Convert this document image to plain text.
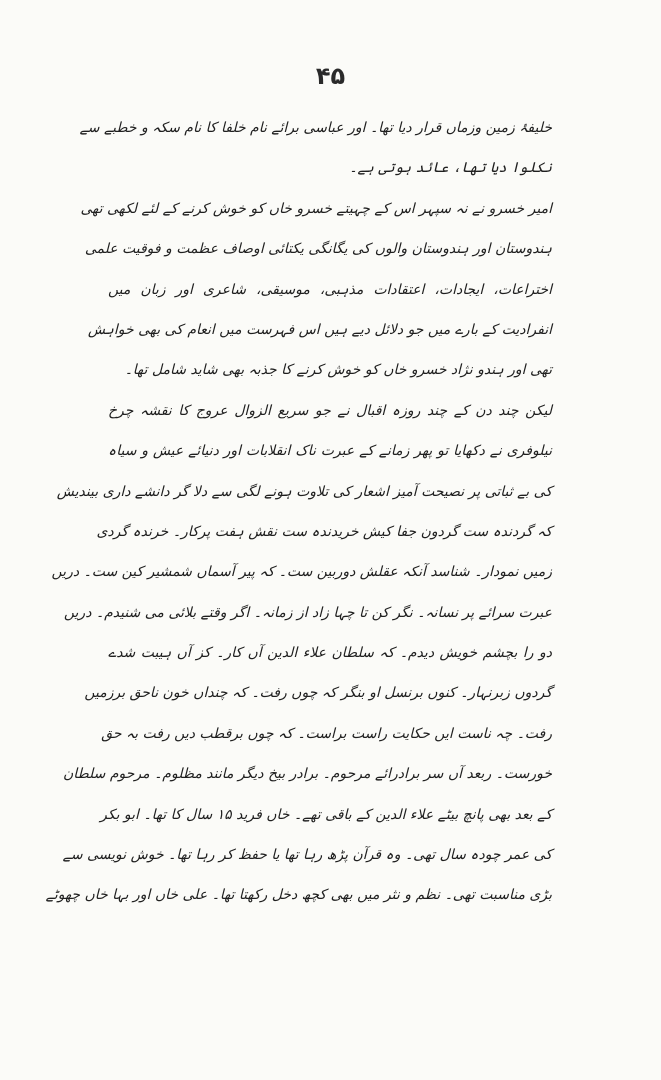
۴۵
خلیفۂ زمین وزماں قرار دیا تھا۔ اور عباسی برائے نام خلفا کا نام سکہ و خطبے سے
نکلوا دیا تھا، عائد ہوتی ہے۔
امیر خسرو نے نہ سپہر اس کے چہیتے خسرو خاں کو خوش کرنے کے لئے لکھی تھی
ہندوستان اور ہندوستان والوں کی یگانگی یکتائی اوصاف عظمت و فوقیت علمی
اختراعات، ایجادات، اعتقادات مذہبی، موسیقی، شاعری اور زبان میں
انفرادیت کے بارے میں جو دلائل دیے ہیں اس فہرست میں انعام کی بھی خواہش
تھی اور ہندو نژاد خسرو خاں کو خوش کرنے کا جذبہ بھی شاید شامل تھا۔
لیکن چند دن کے چند روزہ اقبال نے جو سریع الزوال عروج کا نقشہ چرخ
نیلوفری نے دکھایا تو پھر زمانے کے عبرت ناک انقلابات اور دنیائے عیش و سیاہ
کی بے ثباتی پر نصیحت آمیز اشعار کی تلاوت ہونے لگی سے دلا گر دانشے داری بیندیش
کہ گردندہ ست گردون جفا کیش خریدندہ ست نقش ہفت پرکار۔ خرندہ گردی
زمیں نمودار۔ شناسد آنکہ عقلش دوربین ست۔ کہ پیر آسماں شمشیر کین ست۔ دریں
عبرت سرائے پر نسانہ۔ نگر کن تا چہا زاد از زمانہ۔ اگر وقتے بلائی می شنیدم۔ دریں
دو را بچشم خویش دیدم۔ کہ سلطان علاء الدین آں کار۔ کز آں ہیبت شدے
گردوں زبرنہار۔ کنوں برنسل او بنگر کہ چوں رفت۔ کہ چنداں خون ناحق برزمیں
رفت۔ چہ ناست ایں حکایت راست براست۔ کہ چوں برقطب دیں رفت بہ حق
خورست۔ ربعد آں سر برادرائے مرحوم۔ برادر بیخ دیگر مانند مظلوم۔ مرحوم سلطان
کے بعد بھی پانچ بیٹے علاء الدین کے باقی تھے۔ خاں فرید ۱۵ سال کا تھا۔ ابو بکر
کی عمر چودہ سال تھی۔ وہ قرآن پڑھ رہا تھا یا حفظ کر رہا تھا۔ خوش نویسی سے
بڑی مناسبت تھی۔ نظم و نثر میں بھی کچھ دخل رکھتا تھا۔ علی خاں اور بہا خاں چھوٹے
